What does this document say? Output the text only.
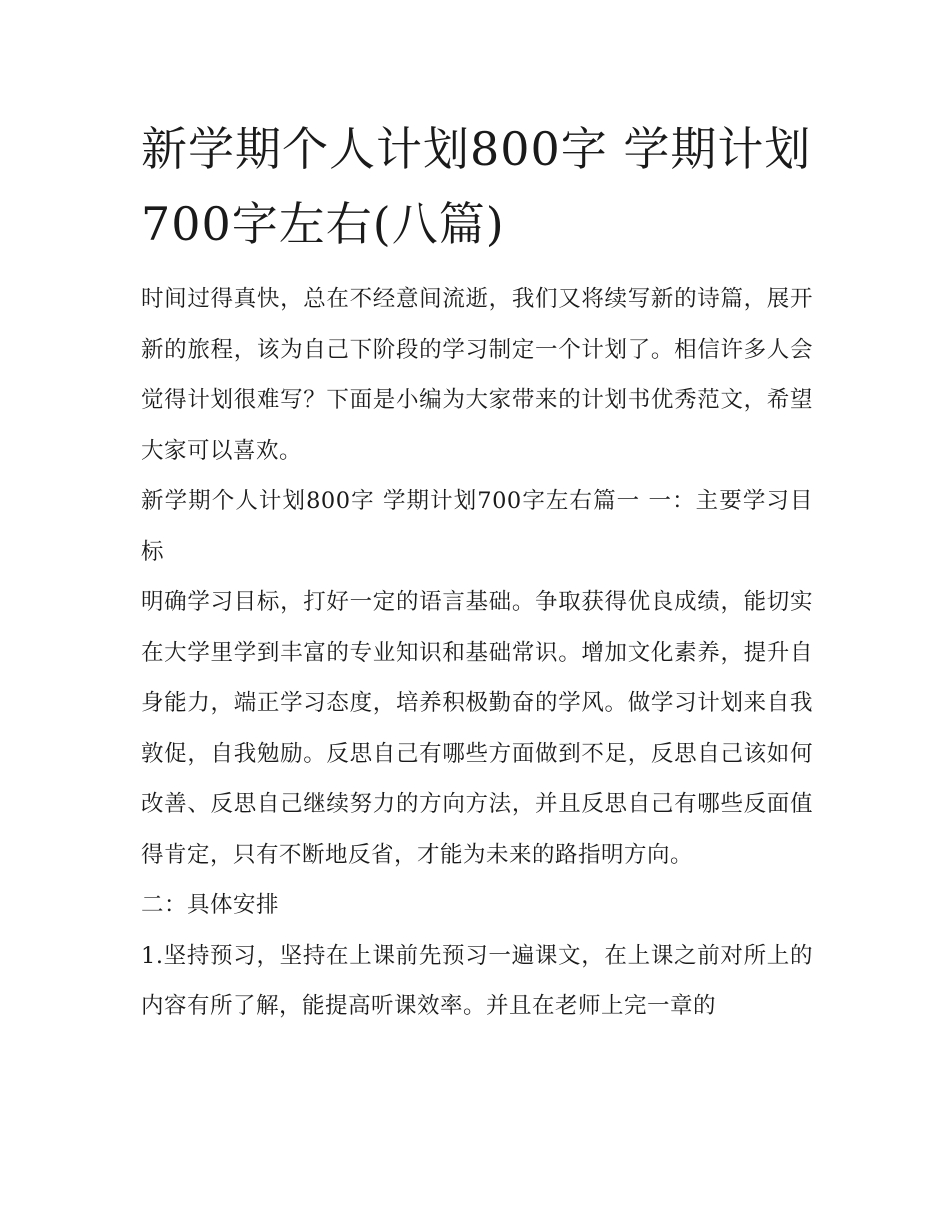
新学期个人计划800字 学期计划700字左右(八篇)

时间过得真快，总在不经意间流逝，我们又将续写新的诗篇，展开新的旅程，该为自己下阶段的学习制定一个计划了。相信许多人会觉得计划很难写？下面是小编为大家带来的计划书优秀范文，希望大家可以喜欢。

新学期个人计划800字 学期计划700字左右篇一 一：主要学习目标

明确学习目标，打好一定的语言基础。争取获得优良成绩，能切实在大学里学到丰富的专业知识和基础常识。增加文化素养，提升自身能力，端正学习态度，培养积极勤奋的学风。做学习计划来自我敦促，自我勉励。反思自己有哪些方面做到不足，反思自己该如何改善、反思自己继续努力的方向方法，并且反思自己有哪些反面值得肯定，只有不断地反省，才能为未来的路指明方向。

二：具体安排

1.坚持预习，坚持在上课前先预习一遍课文，在上课之前对所上的内容有所了解，能提高听课效率。并且在老师上完一章的
